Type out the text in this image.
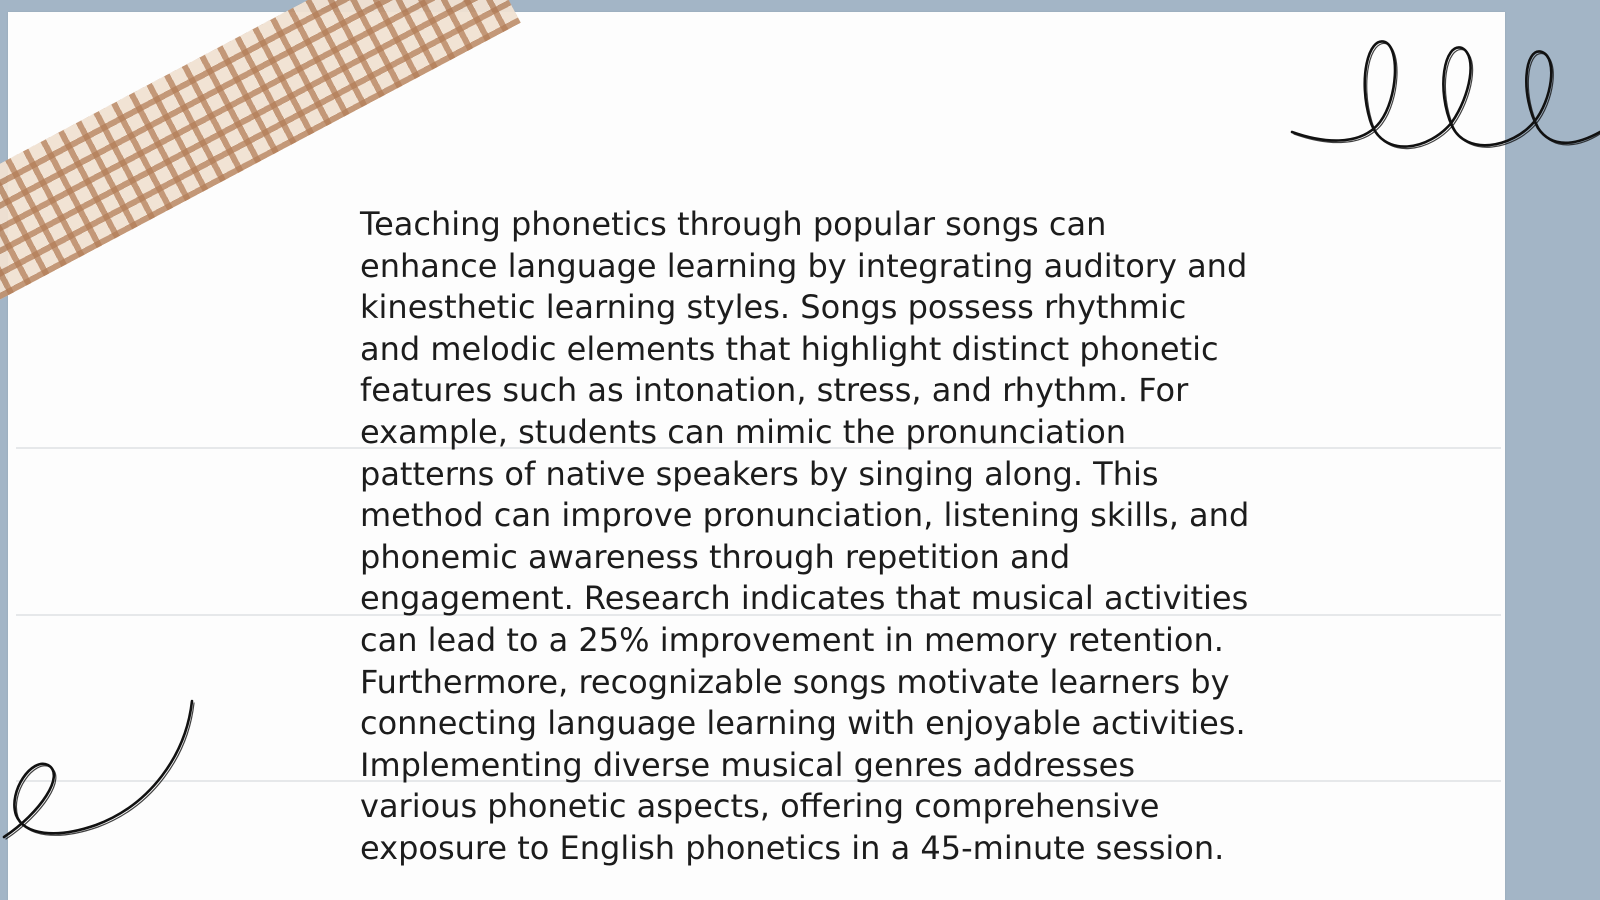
Teaching phonetics through popular songs can enhance language learning by integrating auditory and kinesthetic learning styles. Songs possess rhythmic and melodic elements that highlight distinct phonetic features such as intonation, stress, and rhythm. For example, students can mimic the pronunciation patterns of native speakers by singing along. This method can improve pronunciation, listening skills, and phonemic awareness through repetition and engagement. Research indicates that musical activities can lead to a 25% improvement in memory retention. Furthermore, recognizable songs motivate learners by connecting language learning with enjoyable activities. Implementing diverse musical genres addresses various phonetic aspects, offering comprehensive exposure to English phonetics in a 45-minute session.
